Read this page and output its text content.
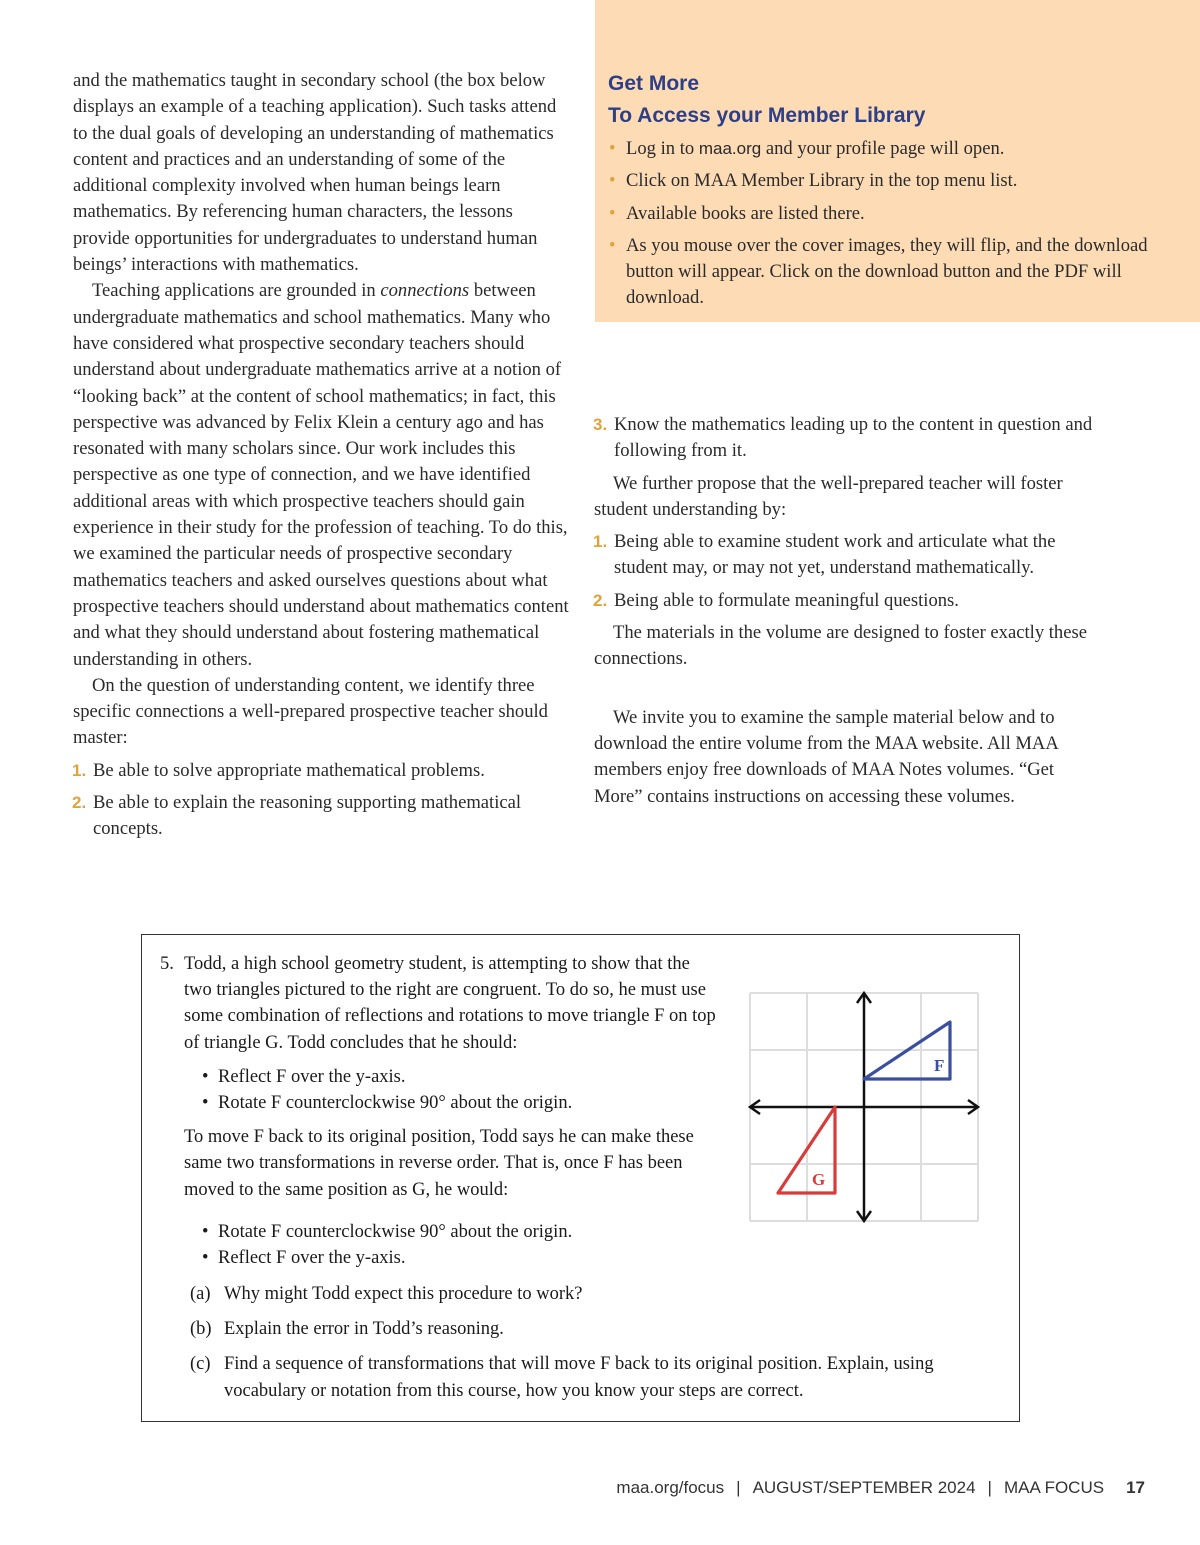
and the mathematics taught in secondary school (the box below displays an example of a teaching application). Such tasks attend to the dual goals of developing an understanding of mathematics content and practices and an understanding of some of the additional complexity involved when human beings learn mathematics. By referencing human characters, the lessons provide opportunities for undergraduates to understand human beings’ interactions with mathematics.

Teaching applications are grounded in connections between undergraduate mathematics and school mathematics. Many who have considered what prospective secondary teachers should understand about undergraduate mathematics arrive at a notion of “looking back” at the content of school mathematics; in fact, this perspective was advanced by Felix Klein a century ago and has resonated with many scholars since. Our work includes this perspective as one type of connection, and we have identified additional areas with which prospective teachers should gain experience in their study for the profession of teaching. To do this, we examined the particular needs of prospective secondary mathematics teachers and asked ourselves questions about what prospective teachers should understand about mathematics content and what they should understand about fostering mathematical understanding in others.

On the question of understanding content, we identify three specific connections a well-prepared prospective teacher should master:

1. Be able to solve appropriate mathematical problems.
2. Be able to explain the reasoning supporting mathematical concepts.
Get More
To Access your Member Library
• Log in to maa.org and your profile page will open.
• Click on MAA Member Library in the top menu list.
• Available books are listed there.
• As you mouse over the cover images, they will flip, and the download button will appear. Click on the download button and the PDF will download.
3. Know the mathematics leading up to the content in question and following from it.

We further propose that the well-prepared teacher will foster student understanding by:

1. Being able to examine student work and articulate what the student may, or may not yet, understand mathematically.
2. Being able to formulate meaningful questions.

The materials in the volume are designed to foster exactly these connections.

We invite you to examine the sample material below and to download the entire volume from the MAA website. All MAA members enjoy free downloads of MAA Notes volumes. “Get More” contains instructions on accessing these volumes.

5. Todd, a high school geometry student, is attempting to show that the two triangles pictured to the right are congruent. To do so, he must use some combination of reflections and rotations to move triangle F on top of triangle G. Todd concludes that he should:
• Reflect F over the y-axis.
• Rotate F counterclockwise 90° about the origin.
To move F back to its original position, Todd says he can make these same two transformations in reverse order. That is, once F has been moved to the same position as G, he would:
• Rotate F counterclockwise 90° about the origin.
• Reflect F over the y-axis.
F
G
(a) Why might Todd expect this procedure to work?
(b) Explain the error in Todd’s reasoning.
(c) Find a sequence of transformations that will move F back to its original position. Explain, using vocabulary or notation from this course, how you know your steps are correct.
maa.org/focus | AUGUST/SEPTEMBER 2024 | MAA FOCUS 17
